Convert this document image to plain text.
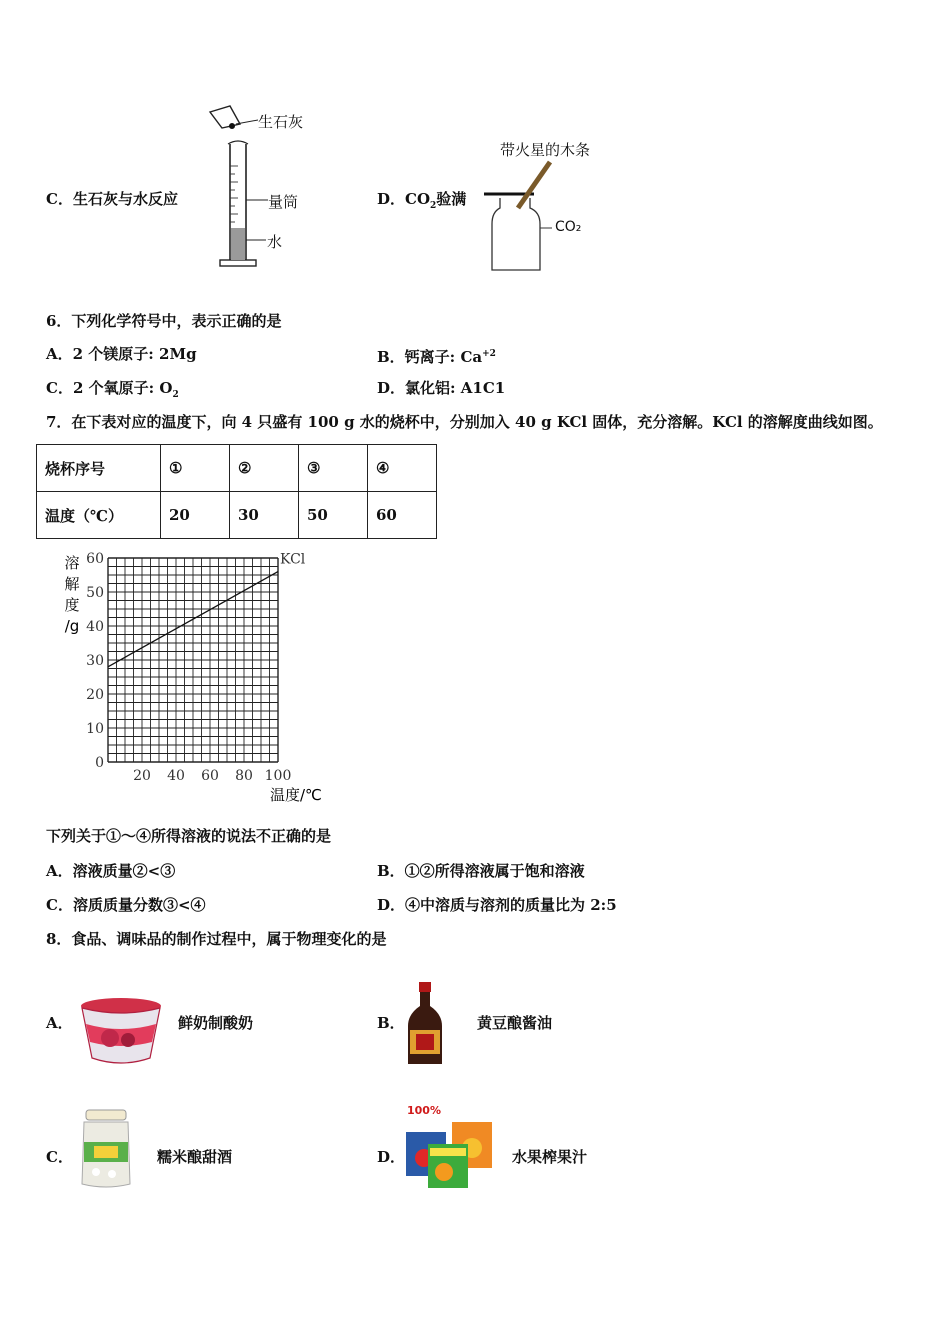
C．生石灰与水反应
生石灰
量筒
水
D．$CO_2$验满
带火星的木条
CO₂
6．下列化学符号中，表示正确的是
A．2 个镁原子: 2Mg	B．钙离子: $Ca^{+2}$
C．2 个氧原子: $O_2$	D．氯化铝: A1C1
7．在下表对应的温度下，向 4 只盛有 100 g 水的烧杯中，分别加入 40 g KCl 固体，充分溶解。KCl 的溶解度曲线如图。
烧杯序号	①	②	③	④
温度（℃）	20	30	50	60
0
10
20
30
40
50
60
20 40 60 80 100
KCl
溶
解
度
/g
温度/℃
下列关于①～④所得溶液的说法不正确的是
A．溶液质量②<③	B．①②所得溶液属于饱和溶液
C．溶质质量分数③<④	D．④中溶质与溶剂的质量比为 2:5
8．食品、调味品的制作过程中，属于物理变化的是
A．	鲜奶制酸奶	B．	黄豆酿酱油
C．	糯米酿甜酒	D．
100%
水果榨果汁
